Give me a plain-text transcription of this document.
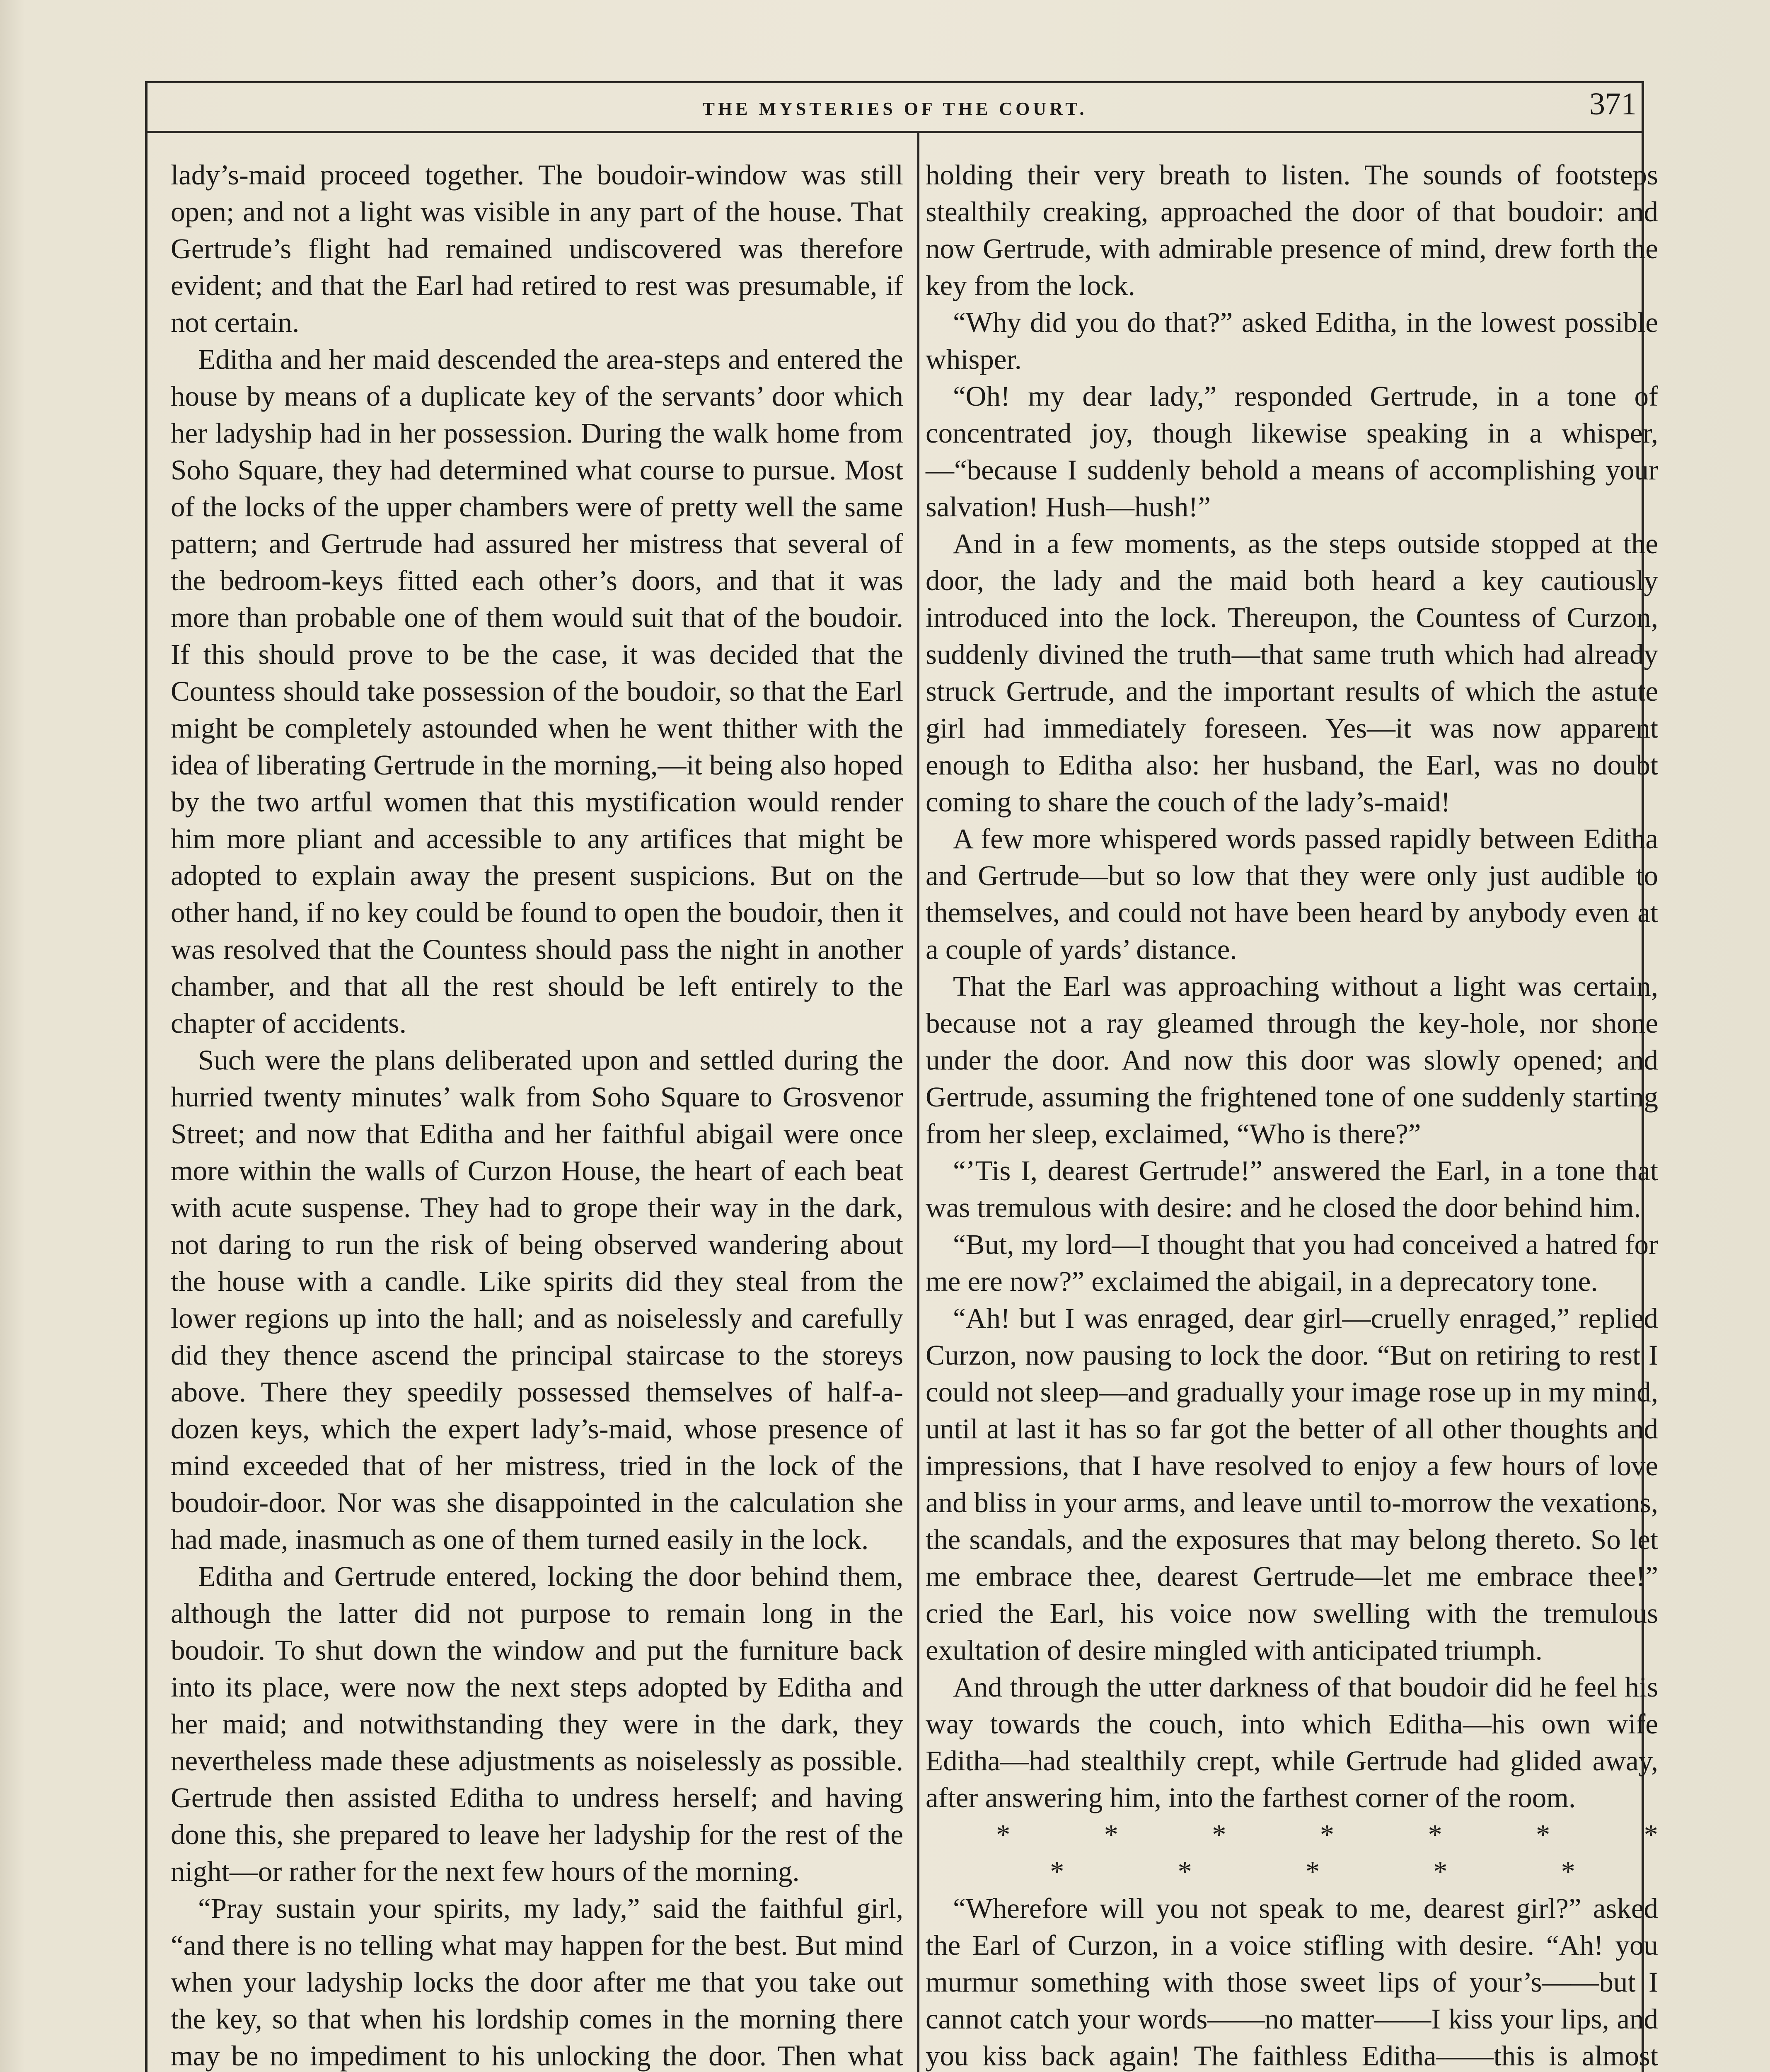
THE MYSTERIES OF THE COURT.	371

lady’s-maid proceed together. The boudoir-window was still open; and not a light was visible in any part of the house. That Gertrude’s flight had remained undiscovered was therefore evident; and that the Earl had retired to rest was presumable, if not certain.

Editha and her maid descended the area-steps and entered the house by means of a duplicate key of the servants’ door which her ladyship had in her possession. During the walk home from Soho Square, they had determined what course to pursue. Most of the locks of the upper chambers were of pretty well the same pattern; and Gertrude had assured her mistress that several of the bedroom-keys fitted each other’s doors, and that it was more than probable one of them would suit that of the boudoir. If this should prove to be the case, it was decided that the Countess should take possession of the boudoir, so that the Earl might be completely astounded when he went thither with the idea of liberating Gertrude in the morning,—it being also hoped by the two artful women that this mystification would render him more pliant and accessible to any artifices that might be adopted to explain away the present suspicions. But on the other hand, if no key could be found to open the boudoir, then it was resolved that the Countess should pass the night in another chamber, and that all the rest should be left entirely to the chapter of accidents.

Such were the plans deliberated upon and settled during the hurried twenty minutes’ walk from Soho Square to Grosvenor Street; and now that Editha and her faithful abigail were once more within the walls of Curzon House, the heart of each beat with acute suspense. They had to grope their way in the dark, not daring to run the risk of being observed wandering about the house with a candle. Like spirits did they steal from the lower regions up into the hall; and as noiselessly and carefully did they thence ascend the principal staircase to the storeys above. There they speedily possessed themselves of half-a-dozen keys, which the expert lady’s-maid, whose presence of mind exceeded that of her mistress, tried in the lock of the boudoir-door. Nor was she disappointed in the calculation she had made, inasmuch as one of them turned easily in the lock.

Editha and Gertrude entered, locking the door behind them, although the latter did not purpose to remain long in the boudoir. To shut down the window and put the furniture back into its place, were now the next steps adopted by Editha and her maid; and notwithstanding they were in the dark, they nevertheless made these adjustments as noiselessly as possible. Gertrude then assisted Editha to undress herself; and having done this, she prepared to leave her ladyship for the rest of the night—or rather for the next few hours of the morning.

“Pray sustain your spirits, my lady,” said the faithful girl, “and there is no telling what may happen for the best. But mind when your ladyship locks the door after me that you take out the key, so that when his lordship comes in the morning there may be no impediment to his unlocking the door. Then what

holding their very breath to listen. The sounds of footsteps stealthily creaking, approached the door of that boudoir: and now Gertrude, with admirable presence of mind, drew forth the key from the lock.

“Why did you do that?” asked Editha, in the lowest possible whisper.

“Oh! my dear lady,” responded Gertrude, in a tone of concentrated joy, though likewise speaking in a whisper,—“because I suddenly behold a means of accomplishing your salvation! Hush—hush!”

And in a few moments, as the steps outside stopped at the door, the lady and the maid both heard a key cautiously introduced into the lock. Thereupon, the Countess of Curzon, suddenly divined the truth—that same truth which had already struck Gertrude, and the important results of which the astute girl had immediately foreseen. Yes—it was now apparent enough to Editha also: her husband, the Earl, was no doubt coming to share the couch of the lady’s-maid!

A few more whispered words passed rapidly between Editha and Gertrude—but so low that they were only just audible to themselves, and could not have been heard by anybody even at a couple of yards’ distance.

That the Earl was approaching without a light was certain, because not a ray gleamed through the key-hole, nor shone under the door. And now this door was slowly opened; and Gertrude, assuming the frightened tone of one suddenly starting from her sleep, exclaimed, “Who is there?”

“’Tis I, dearest Gertrude!” answered the Earl, in a tone that was tremulous with desire: and he closed the door behind him.

“But, my lord—I thought that you had conceived a hatred for me ere now?” exclaimed the abigail, in a deprecatory tone.

“Ah! but I was enraged, dear girl—cruelly enraged,” replied Curzon, now pausing to lock the door. “But on retiring to rest I could not sleep—and gradually your image rose up in my mind, until at last it has so far got the better of all other thoughts and impressions, that I have resolved to enjoy a few hours of love and bliss in your arms, and leave until to-morrow the vexations, the scandals, and the exposures that may belong thereto. So let me embrace thee, dearest Gertrude—let me embrace thee!” cried the Earl, his voice now swelling with the tremulous exultation of desire mingled with anticipated triumph.

And through the utter darkness of that boudoir did he feel his way towards the couch, into which Editha—his own wife Editha—had stealthily crept, while Gertrude had glided away, after answering him, into the farthest corner of the room.

* * * * * * *

* * * * *

“Wherefore will you not speak to me, dearest girl?” asked the Earl of Curzon, in a voice stifling with desire. “Ah! you murmur something with those sweet lips of your’s——but I cannot catch your words——no matter——I kiss your lips, and you kiss back again! The faithless Editha——this is almost
